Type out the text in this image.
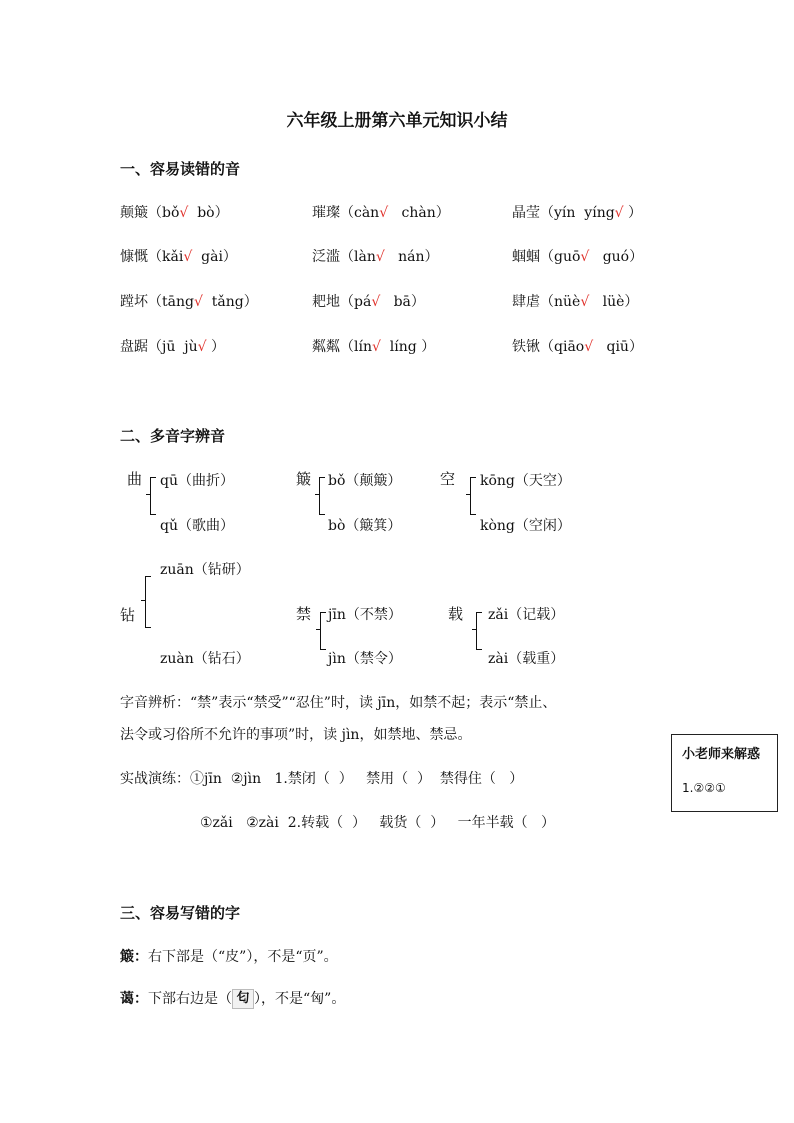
六年级上册第六单元知识小结
一、容易读错的音
颠簸（bǒ√  bò）	璀璨（càn√   chàn）	晶莹（yín  yíng√ ）
慷慨（kǎi√  gài）	泛滥（làn√   nán）	蝈蝈（guō√   guó）
蹚坏（tāng√  tǎng）	耙地（pá√   bā）	肆虐（nüè√   lüè）
盘踞（jū  jù√ ）	粼粼（lín√  líng ）	铁锹（qiāo√   qiū）
二、多音字辨音
曲 qū（曲折）
qǔ（歌曲）
簸 bǒ（颠簸）
bò（簸箕）
空 kōng（天空）
kòng（空闲）
钻
zuān（钻研）
zuàn（钻石）
禁 jīn（不禁）
jìn（禁令）
载 zǎi（记载）
zài（载重）
字音辨析：“禁”表示“禁受”“忍住”时，读 jīn，如禁不起；表示“禁止、
法令或习俗所不允许的事项”时，读 jìn，如禁地、禁忌。
实战演练：①jīn  ②jìn   1.禁闭（  ）   禁用（  ）  禁得住（   ）
①zǎi   ②zài  2.转载（  ）   载货（  ）   一年半载（   ）
小老师来解惑
1.②②①
三、容易写错的字
簸：右下部是（“皮”），不是“页”。
蔼：下部右边是（ 匂 ），不是“匈”。
